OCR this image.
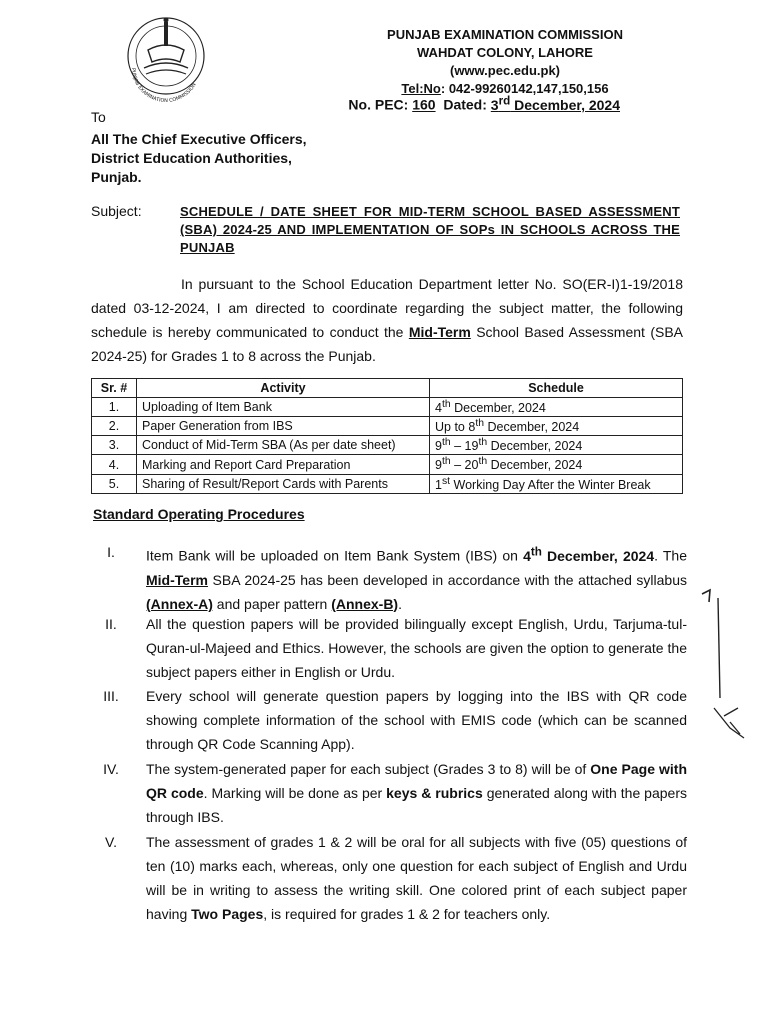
PUNJAB EXAMINATION COMMISSION
PUNJAB EXAMINATION COMMISSION
WAHDAT COLONY, LAHORE
(www.pec.edu.pk)
Tel:No: 042-99260142,147,150,156
No. PEC: 160  Dated: 3rd December, 2024
To
All The Chief Executive Officers,
District Education Authorities,
Punjab.
Subject:	SCHEDULE / DATE SHEET FOR MID-TERM SCHOOL BASED ASSESSMENT (SBA) 2024-25 AND IMPLEMENTATION OF SOPs IN SCHOOLS ACROSS THE PUNJAB
In pursuant to the School Education Department letter No. SO(ER-I)1-19/2018 dated 03-12-2024, I am directed to coordinate regarding the subject matter, the following schedule is hereby communicated to conduct the Mid-Term School Based Assessment (SBA 2024-25) for Grades 1 to 8 across the Punjab.
Sr. #	Activity	Schedule
1.	Uploading of Item Bank	4th December, 2024
2.	Paper Generation from IBS	Up to 8th December, 2024
3.	Conduct of Mid-Term SBA (As per date sheet)	9th – 19th December, 2024
4.	Marking and Report Card Preparation	9th – 20th December, 2024
5.	Sharing of Result/Report Cards with Parents	1st Working Day After the Winter Break
Standard Operating Procedures
I.	Item Bank will be uploaded on Item Bank System (IBS) on 4th December, 2024. The Mid-Term SBA 2024-25 has been developed in accordance with the attached syllabus (Annex-A) and paper pattern (Annex-B).
II.	All the question papers will be provided bilingually except English, Urdu, Tarjuma-tul-Quran-ul-Majeed and Ethics. However, the schools are given the option to generate the subject papers either in English or Urdu.
III.	Every school will generate question papers by logging into the IBS with QR code showing complete information of the school with EMIS code (which can be scanned through QR Code Scanning App).
IV.	The system-generated paper for each subject (Grades 3 to 8) will be of One Page with QR code. Marking will be done as per keys & rubrics generated along with the papers through IBS.
V.	The assessment of grades 1 & 2 will be oral for all subjects with five (05) questions of ten (10) marks each, whereas, only one question for each subject of English and Urdu will be in writing to assess the writing skill. One colored print of each subject paper having Two Pages, is required for grades 1 & 2 for teachers only.
